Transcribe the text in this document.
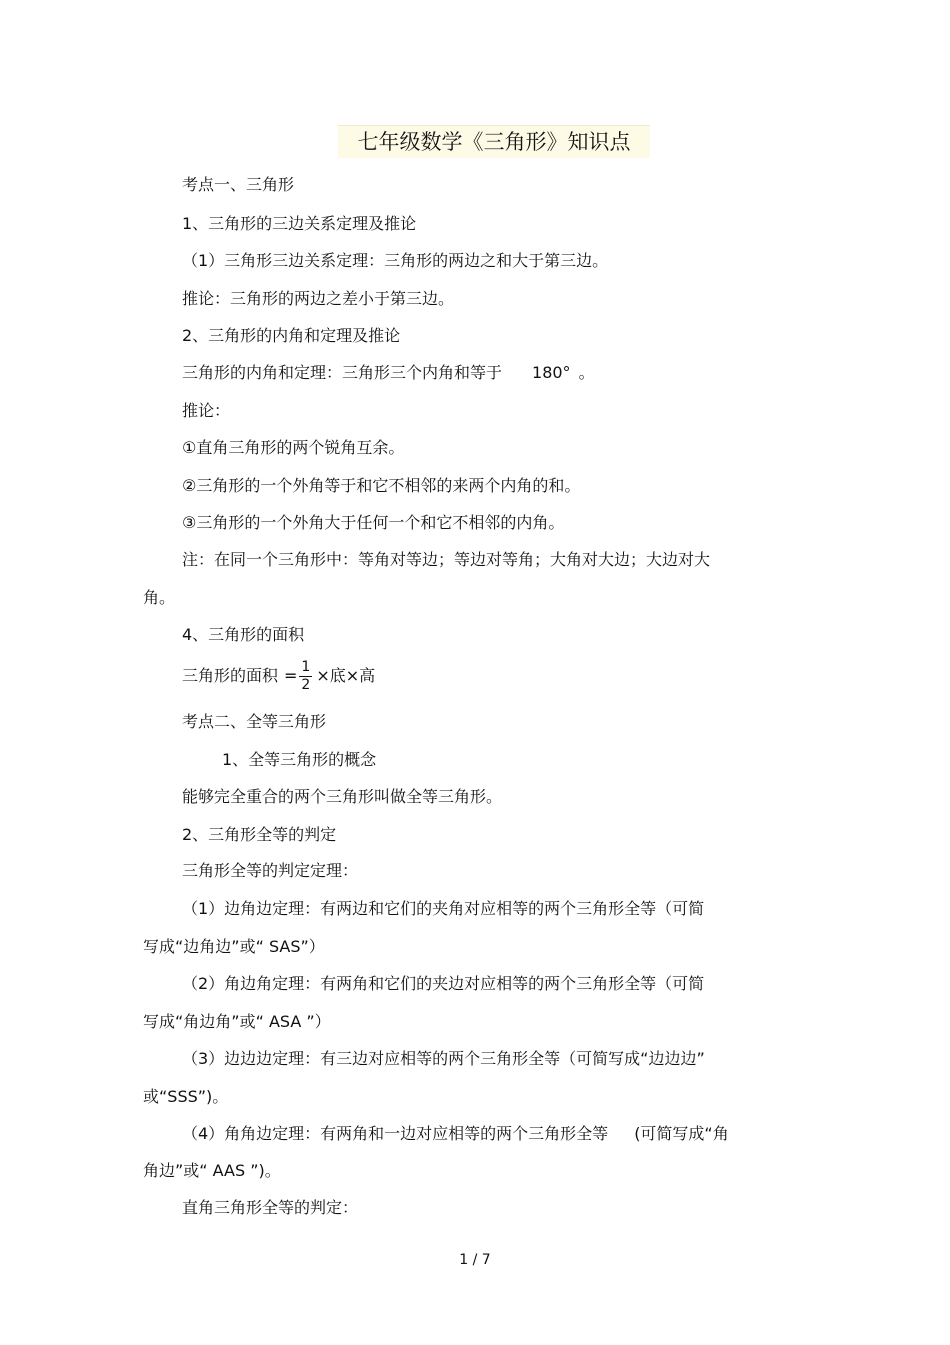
七年级数学《三角形》知识点
考点一、三角形
1、三角形的三边关系定理及推论
（1）三角形三边关系定理：三角形的两边之和大于第三边。
推论：三角形的两边之差小于第三边。
2、三角形的内角和定理及推论
三角形的内角和定理：三角形三个内角和等于 180° 。
推论：
①直角三角形的两个锐角互余。
②三角形的一个外角等于和它不相邻的来两个内角的和。
③三角形的一个外角大于任何一个和它不相邻的内角。
注：在同一个三角形中：等角对等边；等边对等角；大角对大边；大边对大
角。
4、三角形的面积
三角形的面积 = $\frac{1}{2}$ ×底×高
考点二、全等三角形
1、全等三角形的概念
能够完全重合的两个三角形叫做全等三角形。
2、三角形全等的判定
三角形全等的判定定理：
（1）边角边定理：有两边和它们的夹角对应相等的两个三角形全等（可简
写成“边角边”或“ SAS”）
（2）角边角定理：有两角和它们的夹边对应相等的两个三角形全等（可简
写成“角边角”或“ ASA ”）
（3）边边边定理：有三边对应相等的两个三角形全等（可简写成“边边边”
或“SSS”)。
（4）角角边定理：有两角和一边对应相等的两个三角形全等 (可简写成“角
角边”或“ AAS ”)。
直角三角形全等的判定：
1 / 7
